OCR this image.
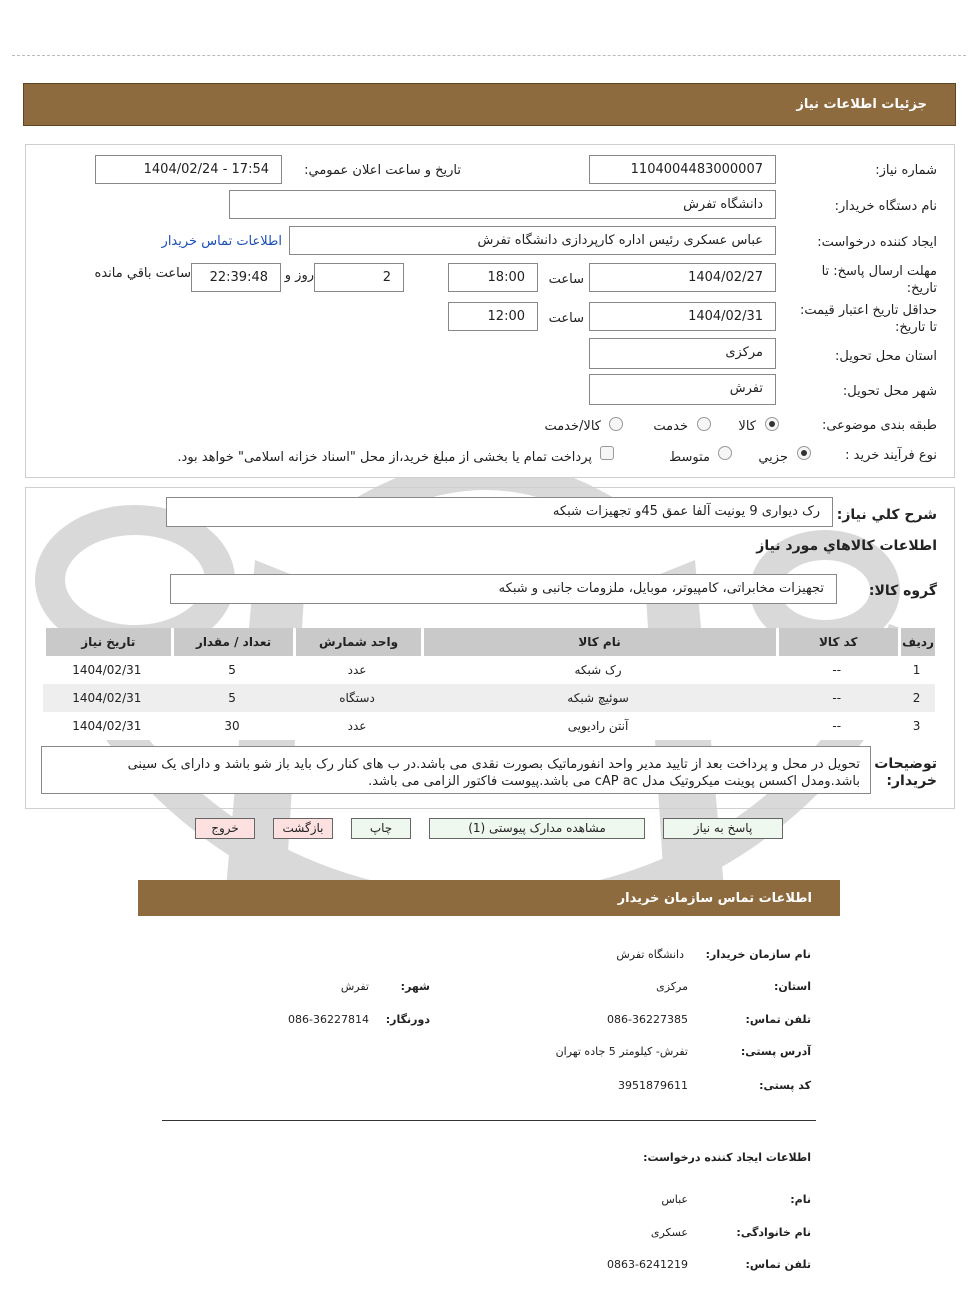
جزئيات اطلاعات نياز
شماره نیاز:
1104004483000007
تاريخ و ساعت اعلان عمومي:
1404/02/24 - 17:54
نام دستگاه خریدار:
دانشگاه تفرش
ایجاد کننده درخواست:
عباس عسکری رئیس اداره کارپردازی دانشگاه تفرش
اطلاعات تماس خریدار
مهلت ارسال پاسخ: تا
تاریخ:
1404/02/27
ساعت
18:00
2
روز و
22:39:48
ساعت باقي مانده
حداقل تاریخ اعتبار قیمت:
تا تاریخ:
1404/02/31
ساعت
12:00
استان محل تحویل:
مرکزی
شهر محل تحویل:
تفرش
طبقه بندی موضوعی:
کالا
خدمت
کالا/خدمت
نوع فرآیند خرید :
جزیي
متوسط
پرداخت تمام یا بخشی از مبلغ خرید،از محل "اسناد خزانه اسلامی" خواهد بود.
شرح کلي نياز:
رک دیواری 9 یونیت آلفا عمق 45و تجهیزات شبکه
اطلاعات کالاهاي مورد نياز
گروه کالا:
تجهیزات مخابراتی، کامپیوتر، موبایل، ملزومات جانبی و شبکه
رديف	کد کالا	نام کالا	واحد شمارش	تعداد / مقدار	تاريخ نياز
1	--	رک شبکه	عدد	5	1404/02/31
2	--	سوئیچ شبکه	دستگاه	5	1404/02/31
3	--	آنتن رادیویی	عدد	30	1404/02/31
توضیحات
خریدار:
تحویل در محل و پرداخت بعد از تایید مدیر واحد انفورماتیک بصورت نقدی می باشد.در ب های کنار رک باید باز شو باشد و دارای یک سینی
باشد.ومدل اکسس پوینت میکروتیک مدل cAP ac می باشد.پیوست فاکتور الزامی می باشد.
پاسخ به نیاز
مشاهده مدارک پیوستی (1)
چاپ
بازگشت
خروج
اطلاعات تماس سازمان خریدار
نام سازمان خریدار:
دانشگاه تفرش
استان:
مرکزی
شهر:
تفرش
تلفن تماس:
086-36227385
دورنگار:
086-36227814
آدرس پستی:
تفرش- کیلومتر 5 جاده تهران
کد پستی:
3951879611
اطلاعات ایجاد کننده درخواست:
نام:
عباس
نام خانوادگی:
عسکری
تلفن تماس:
0863-6241219
